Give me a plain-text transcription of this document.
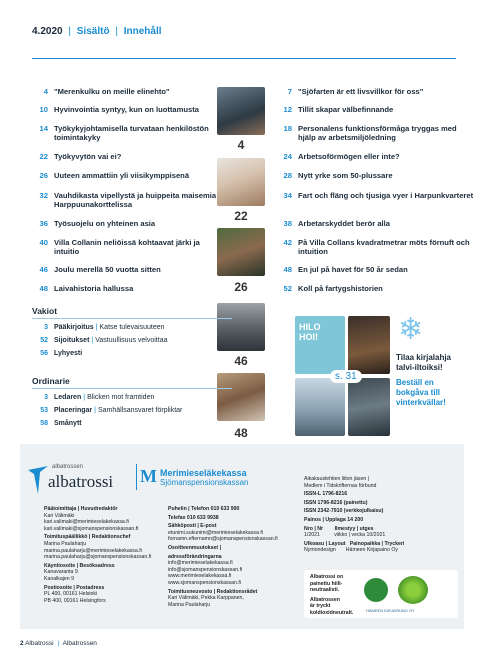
4.2020 | Sisältö | Innehåll
4 "Merenkulku on meille elinehto"
10 Hyvinvointia syntyy, kun on luottamusta
14 Työkykyjohtamisella turvataan henkilöstön toimintakyky
22 Työkyvytön vai ei?
26 Uuteen ammattiin yli viisikymppisenä
32 Vauhdikasta vipellystä ja huippeita maisemia Harppuunakorttelissa
36 Työsuojelu on yhteinen asia
40 Villa Collanin neliöissä kohtaavat järki ja intuitio
46 Joulu merellä 50 vuotta sitten
48 Laivahistoria hallussa
7 "Sjöfarten är ett livsvillkor för oss"
12 Tillit skapar välbefinnande
18 Personalens funktionsförmåga tryggas med hjälp av arbetsmiljöledning
24 Arbetsoförmögen eller inte?
28 Nytt yrke som 50-plussare
34 Fart och fläng och tjusiga vyer i Harpunkvarteret
38 Arbetarskyddet berör alla
42 På Villa Collans kvadratmetrar möts förnuft och intuition
48 En jul på havet för 50 år sedan
52 Koll på fartygshistorien
4
22
26
46
48
Vakiot
3 Pääkirjoitus | Katse tulevaisuuteen
52 Sijoitukset | Vastuullisuus velvoittaa
56 Lyhyesti
Ordinarie
3 Ledaren | Blicken mot framtiden
53 Placeringar | Samhällsansvaret förpliktar
58 Smånytt
HILO HOI!
s. 31
❄
Tilaa kirjalahja
talvi-iltoiksi!
Beställ en
bokgåva till
vinterkvällar!
albatrossen
albatrossi M Merimieseläkekassa
Sjömanspensionskassan
Päätoimittaja | Huvudredaktör
Kari Välimäki
kari.valimaki@merimieselakekassa.fi
kari.valimaki@sjomanspensionskassan.fi
Toimituspäällikkö | Redaktionschef
Marina Paulaharju
marina.paulaharju@merimieselakekassa.fi
marina.paulaharju@sjomanspensionskassan.fi
Käyntiosoite | Besöksadress
Kanavaranta 9
Kanalkajen 9
Postiosoite | Postadress
PL 400, 00161 Helsinki
PB 400, 00161 Helsingfors
Puhelin | Telefon 010 633 990
Telefax 010 633 9938
Sähköposti | E-post
etunimi.sukunimi@merimieselakekassa.fi
fornamn.efternamn@sjomanspensionskassan.fi
Osoitteenmuutokset |
adressförändringarna
info@merimieselakekassa.fi
info@sjomanspensionskassan.fi
www.merimieselakekassa.fi
www.sjomanspensionskassan.fi
Toimitusneuvosto | Redaktionsrådet
Kari Välimäki, Pekka Karppanen,
Marina Paulaharju
Aikakauslehtien liiton jäsen |
Medlem i Tidskrifternas förbund
ISSN-L 1796-8216
ISSN 1796-8216 (painettu)
ISSN 2342-7910 (verkkojulkaisu)
Painos | Upplaga 14 200
Nro | Nr        Ilmestyy | utges
1/2021          viikko | vecka 10/2021
Ulkoasu | Layout   Painopaikka | Tryckeri
Nymondesign       Hämeen Kirjapaino Oy
Albatrossi on
painettu hiili-
neutraalisti.
Albatrossen
är tryckt
koldioxidneutralt.	HÄMEEN KIRJAPAINO OY
2 Albatrossi | Albatrossen
